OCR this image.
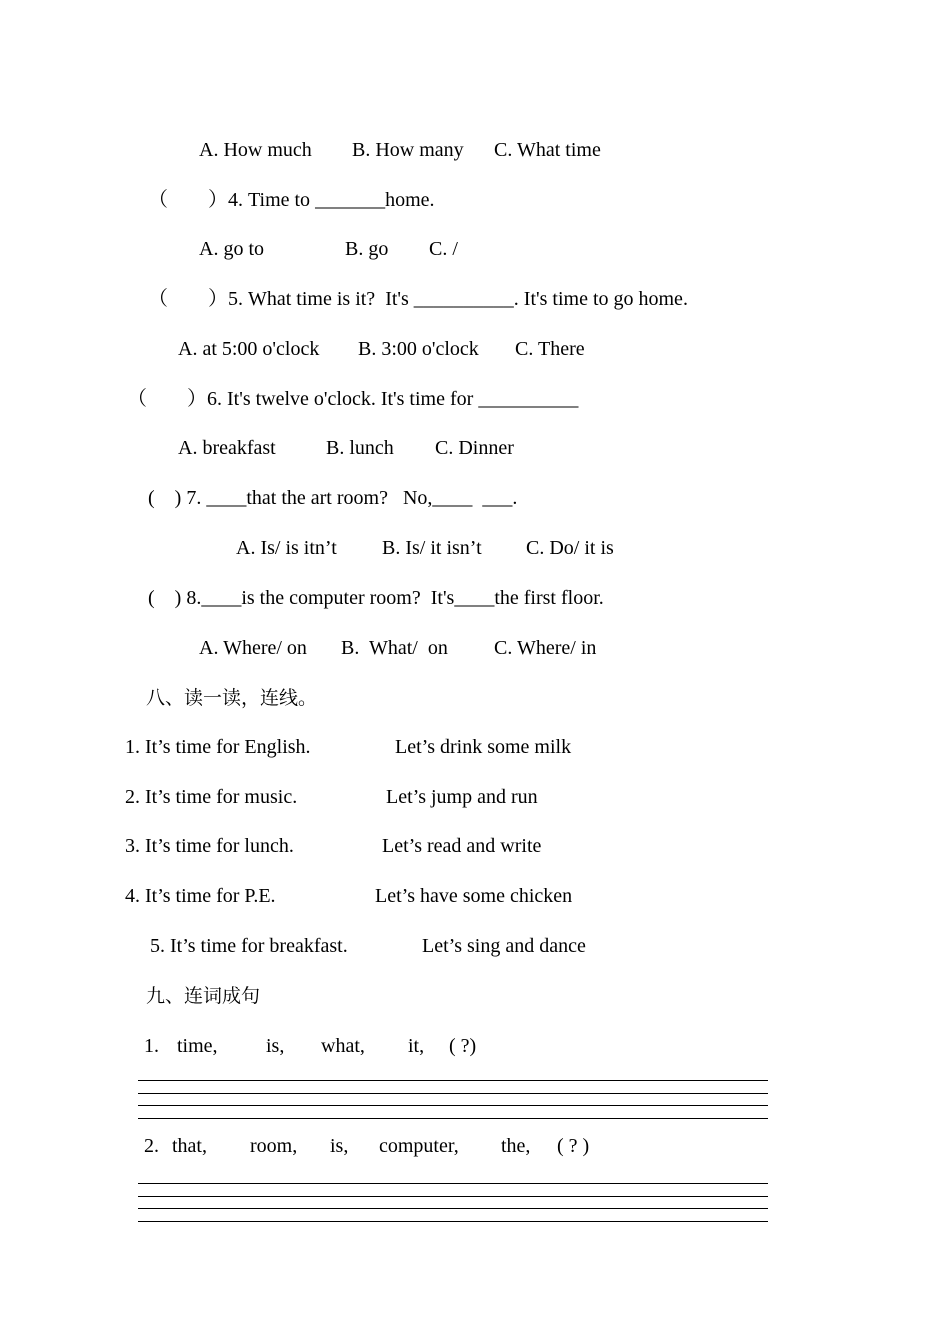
A. How much B. How many C. What time
（　　）4. Time to _______home.
A. go to	B. go C. /
（　　）5. What time is it?  It's __________. It's time to go home.
A. at 5:00 o'clock B. 3:00 o'clock C. There
（　　）6. It's twelve o'clock. It's time for __________
A. breakfast	B. lunch C. Dinner
(    ) 7. ____that the art room?   No,____ ___.
A. Is/ is itn’t B. Is/ it isn’t C. Do/ it is
(    ) 8.____is the computer room?  It's____the first floor.
A. Where/ on B.  What/  on C. Where/ in
八、读一读，连线。
1. It’s time for English.	Let’s drink some milk
2. It’s time for music.	Let’s jump and run
3. It’s time for lunch.	Let’s read and write
4. It’s time for P.E.	Let’s have some chicken
5. It’s time for breakfast.	Let’s sing and dance
九、连词成句
1. time, is, what, it, ( ?)
2. that, room, is, computer, the, ( ? )
